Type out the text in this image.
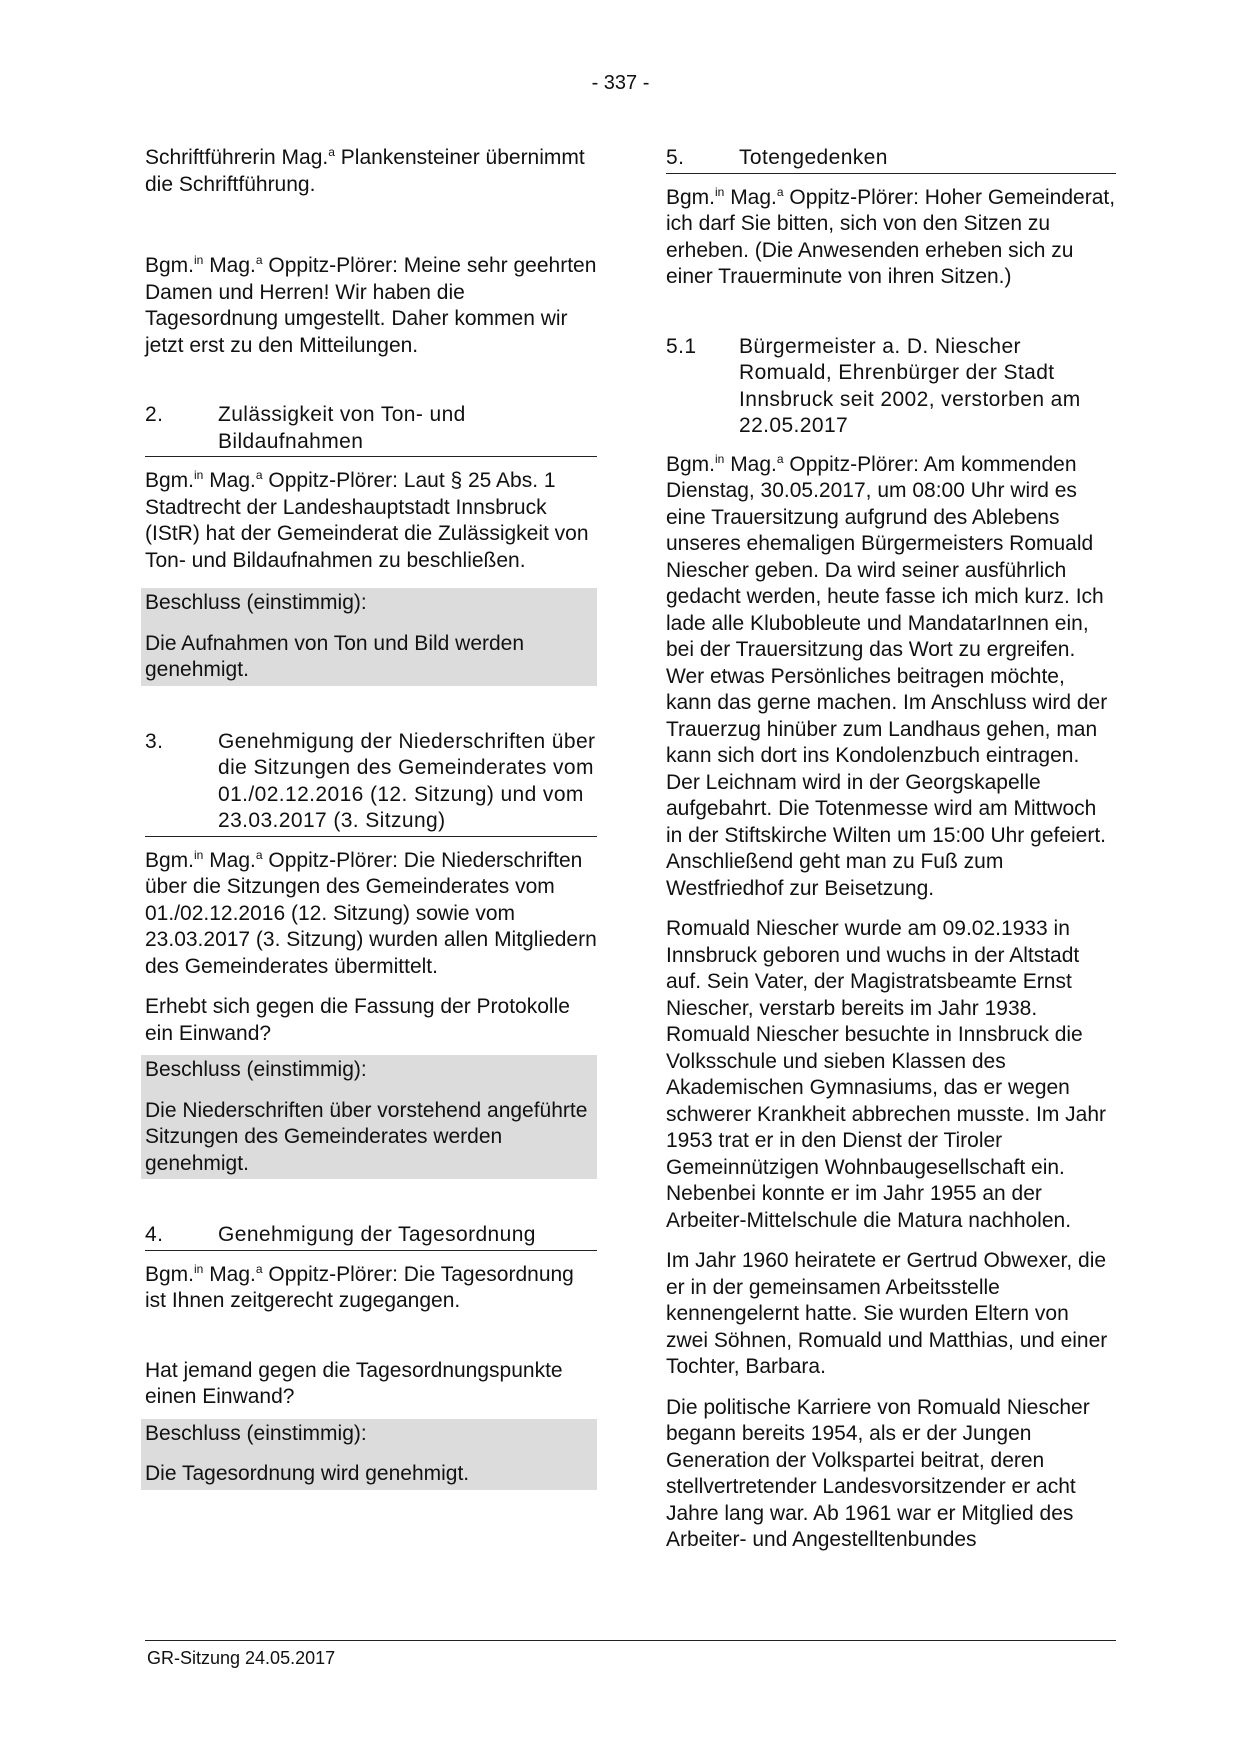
- 337 -

Schriftführerin Mag.$^a$ Plankensteiner übernimmt die Schriftführung.

Bgm.$^{in}$ Mag.$^a$ Oppitz-Plörer: Meine sehr geehrten Damen und Herren! Wir haben die Tagesordnung umgestellt. Daher kommen wir jetzt erst zu den Mitteilungen.

2.	Zulässigkeit von Ton- und Bildaufnahmen

Bgm.$^{in}$ Mag.$^a$ Oppitz-Plörer: Laut § 25 Abs. 1 Stadtrecht der Landeshauptstadt Innsbruck (IStR) hat der Gemeinderat die Zulässigkeit von Ton- und Bildaufnahmen zu beschließen.

Beschluss (einstimmig):

Die Aufnahmen von Ton und Bild werden genehmigt.

3.	Genehmigung der Niederschriften über die Sitzungen des Gemeinderates vom 01./02.12.2016 (12. Sitzung) und vom 23.03.2017 (3. Sitzung)

Bgm.$^{in}$ Mag.$^a$ Oppitz-Plörer: Die Niederschriften über die Sitzungen des Gemeinderates vom 01./02.12.2016 (12. Sitzung) sowie vom 23.03.2017 (3. Sitzung) wurden allen Mitgliedern des Gemeinderates übermittelt.

Erhebt sich gegen die Fassung der Protokolle ein Einwand?

Beschluss (einstimmig):

Die Niederschriften über vorstehend angeführte Sitzungen des Gemeinderates werden genehmigt.

4.	Genehmigung der Tagesordnung

Bgm.$^{in}$ Mag.$^a$ Oppitz-Plörer: Die Tagesordnung ist Ihnen zeitgerecht zugegangen.

Hat jemand gegen die Tagesordnungspunkte einen Einwand?

Beschluss (einstimmig):

Die Tagesordnung wird genehmigt.

5.	Totengedenken

Bgm.$^{in}$ Mag.$^a$ Oppitz-Plörer: Hoher Gemeinderat, ich darf Sie bitten, sich von den Sitzen zu erheben. (Die Anwesenden erheben sich zu einer Trauerminute von ihren Sitzen.)

5.1	Bürgermeister a. D. Niescher Romuald, Ehrenbürger der Stadt Innsbruck seit 2002, verstorben am 22.05.2017

Bgm.$^{in}$ Mag.$^a$ Oppitz-Plörer: Am kommenden Dienstag, 30.05.2017, um 08:00 Uhr wird es eine Trauersitzung aufgrund des Ablebens unseres ehemaligen Bürgermeisters Romuald Niescher geben. Da wird seiner ausführlich gedacht werden, heute fasse ich mich kurz. Ich lade alle Klubobleute und MandatarInnen ein, bei der Trauersitzung das Wort zu ergreifen. Wer etwas Persönliches beitragen möchte, kann das gerne machen. Im Anschluss wird der Trauerzug hinüber zum Landhaus gehen, man kann sich dort ins Kondolenzbuch eintragen. Der Leichnam wird in der Georgskapelle aufgebahrt. Die Totenmesse wird am Mittwoch in der Stiftskirche Wilten um 15:00 Uhr gefeiert. Anschließend geht man zu Fuß zum Westfriedhof zur Beisetzung.

Romuald Niescher wurde am 09.02.1933 in Innsbruck geboren und wuchs in der Altstadt auf. Sein Vater, der Magistratsbeamte Ernst Niescher, verstarb bereits im Jahr 1938. Romuald Niescher besuchte in Innsbruck die Volksschule und sieben Klassen des Akademischen Gymnasiums, das er wegen schwerer Krankheit abbrechen musste. Im Jahr 1953 trat er in den Dienst der Tiroler Gemeinnützigen Wohnbaugesellschaft ein. Nebenbei konnte er im Jahr 1955 an der Arbeiter-Mittelschule die Matura nachholen.

Im Jahr 1960 heiratete er Gertrud Obwexer, die er in der gemeinsamen Arbeitsstelle kennengelernt hatte. Sie wurden Eltern von zwei Söhnen, Romuald und Matthias, und einer Tochter, Barbara.

Die politische Karriere von Romuald Niescher begann bereits 1954, als er der Jungen Generation der Volkspartei beitrat, deren stellvertretender Landesvorsitzender er acht Jahre lang war. Ab 1961 war er Mitglied des Arbeiter- und Angestelltenbundes

GR-Sitzung 24.05.2017
